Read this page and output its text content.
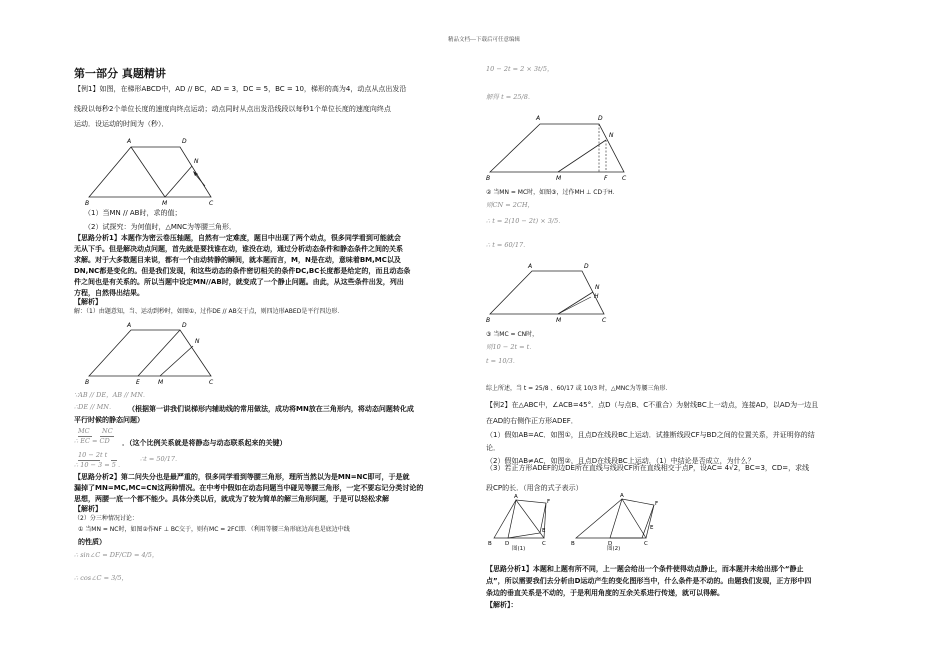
精品文档---下载后可任意编辑
第一部分 真题精讲
【例1】如图，在梯形ABCD中，AD // BC，AD = 3，DC = 5，BC = 10，梯形的高为4，动点从点出发沿
线段以每秒2个单位长度的速度向终点运动；动点同时从点出发沿线段以每秒1个单位长度的速度向终点
运动．设运动的时间为（秒）．
A	D
B	M	C
N
（1）当MN // AB时，求的值；
（2）试探究：为何值时，△MNC为等腰三角形．
【思路分析1】本题作为密云卷压轴题，自然有一定难度，题目中出现了两个动点，很多同学看到可能就会
无从下手。但是解决动点问题，首先就是要找谁在动，谁没在动，通过分析动态条件和静态条件之间的关系
求解。对于大多数题目来说，都有一个由动转静的瞬间，就本题而言，M，N是在动，意味着BM,MC以及
DN,NC都是变化的。但是我们发现，和这些动态的条件密切相关的条件DC,BC长度都是给定的，而且动态条
件之间也是有关系的。所以当题中设定MN//AB时，就变成了一个静止问题。由此，从这些条件出发，列出
方程，自然得出结果。
【解析】
解：（1）由题意知，当、运动到秒时，如图①，过作DE // AB交于点，则四边形ABED是平行四边形．
A	D
B	E	M	C
N
∵AB // DE，AB // MN．
∴DE // MN． （根据第一讲我们说梯形内辅助线的常用做法，成功将MN放在三角形内，将动态问题转化成
平行时候的静态问题）
MC NC
∴ EC = CD ．（这个比例关系就是将静态与动态联系起来的关键）
10 − 2t t
∴ 10 − 3 = 5 ．
∴t = 50/17．
【思路分析2】第二问失分也是最严重的，很多同学看到等腰三角形，理所当然以为是MN=NC即可，于是就
漏掉了MN=MC,MC=CN这两种情况。在中考中假如在动态问题当中碰见等腰三角形，一定不要忘记分类讨论的
思想，两腰一底一个都不能少。具体分类以后，就成为了较为简单的解三角形问题，于是可以轻松求解
【解析】
（2）分三种情况讨论：
① 当MN = NC时，如图②作NF ⊥ BC交于，则有MC = 2FC即．（利用等腰三角形底边高也是底边中线
的性质）
∴ sin∠C = DF/CD = 4/5，
∴ cos∠C = 3/5，
10 − 2t = 2 × 3t/5，
解得 t = 25/8．
A	D
B	M	F C
N
② 当MN = MC时，如图③，过作MH ⊥ CD于H．
则CN = 2CH，
∴ t = 2(10 − 2t) × 3/5．
∴ t = 60/17．
A	D
B	M	C
N
H
③ 当MC = CN时，
则10 − 2t = t．
t = 10/3．
综上所述，当 t = 25/8 、60/17 或 10/3 时，△MNC为等腰三角形．
【例2】在△ABC中，∠ACB=45°．点D（与点B、C不重合）为射线BC上一动点，连接AD，以AD为一边且
在AD的右侧作正方形ADEF．
（1）假如AB=AC．如图①，且点D在线段BC上运动．试推断线段CF与BD之间的位置关系，并证明你的结
论．
（2）假如AB≠AC，如图②，且点D在线段BC上运动．（1）中结论是否成立，为什么？
（3）若正方形ADEF的边DE所在直线与线段CF所在直线相交于点P，设AC= 4√2，BC=3，CD=，求线
段CP的长．（用含的式子表示）
B D	C
A
F
E
B	D	C
A
F
E
图(1)	图(2)
【思路分析1】本题和上题有所不同，上一题会给出一个条件使得动点静止，而本题并未给出那个“静止
点”，所以需要我们去分析由D运动产生的变化图形当中，什么条件是不动的。由题我们发现，正方形中四
条边的垂直关系是不动的，于是利用角度的互余关系进行传递，就可以得解。
【解析】：
